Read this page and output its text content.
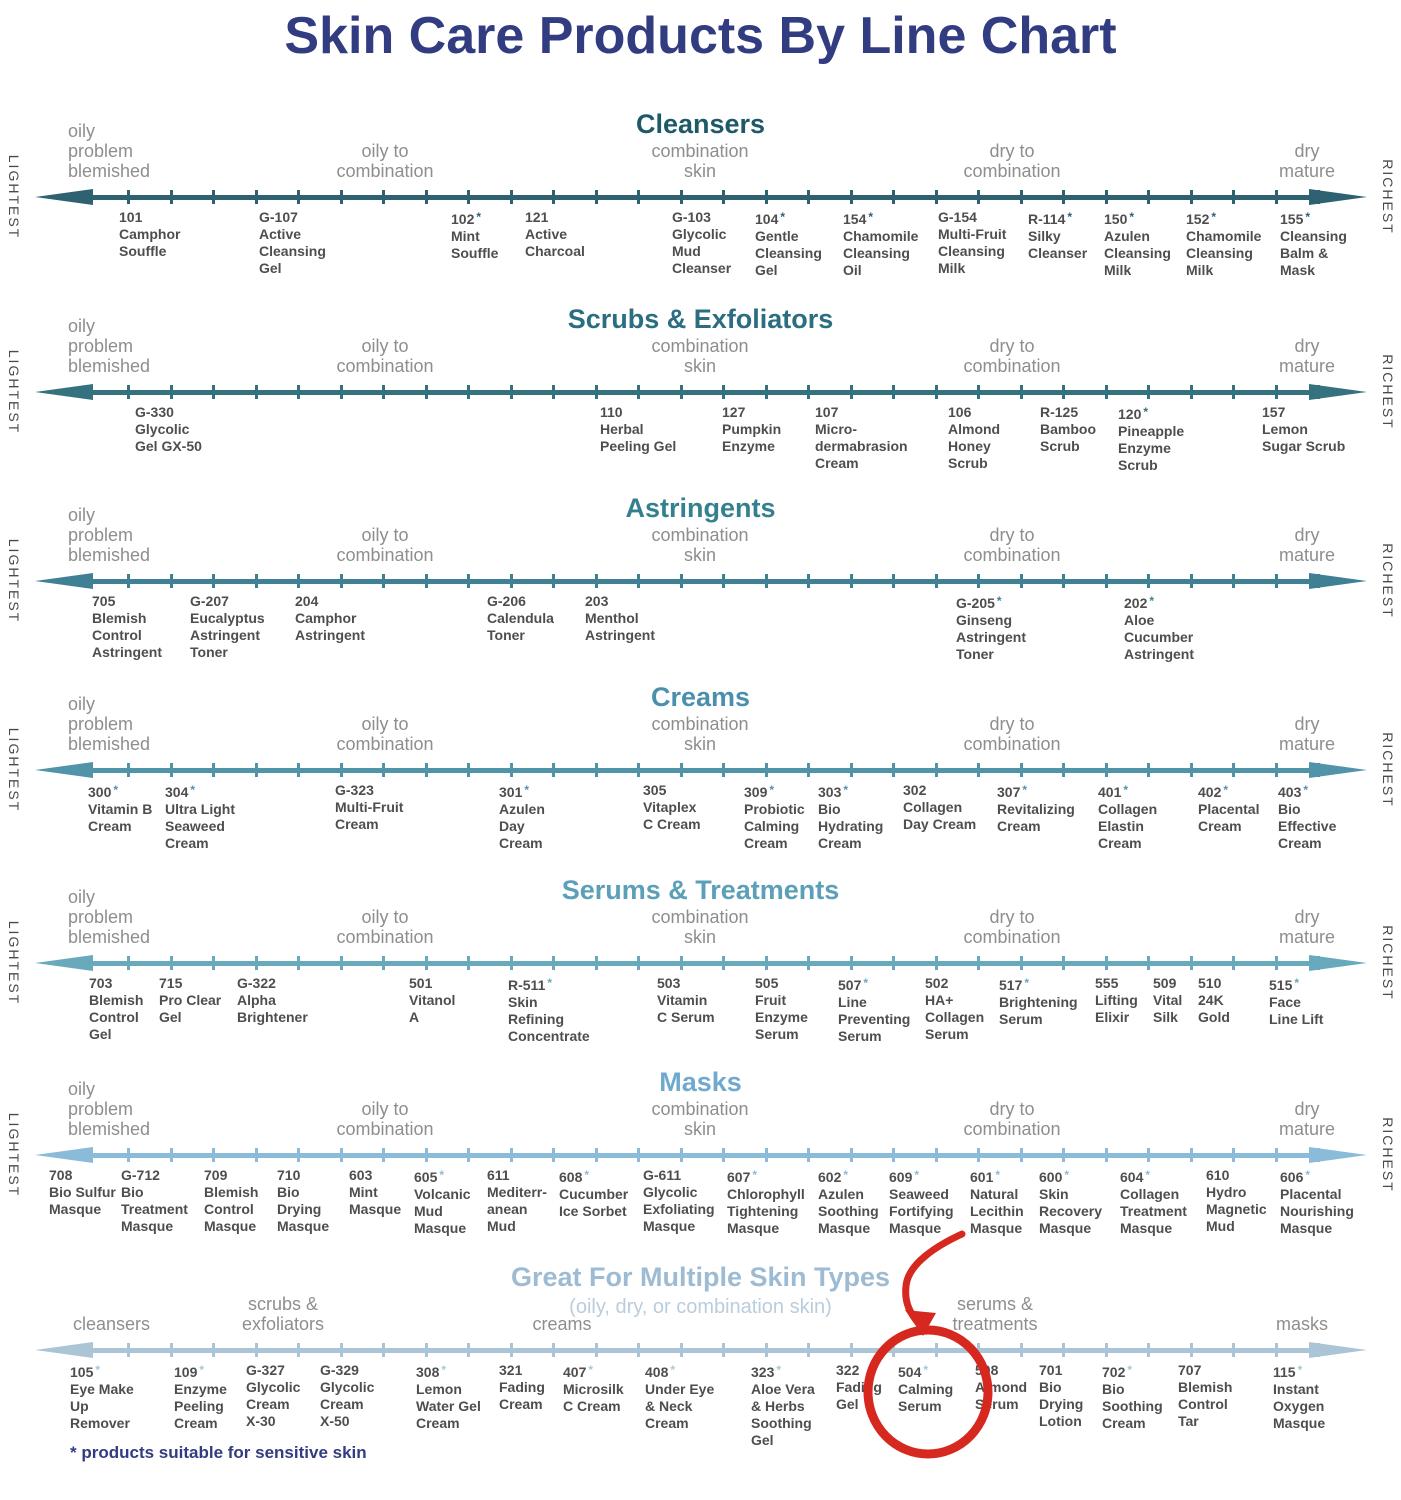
Skin Care Products By Line Chart
Cleansers
oily
problem
blemished
oily to
combination
combination
skin
dry to
combination
dry
mature
LIGHTEST	RICHEST
101
Camphor
Souffle
G-107
Active
Cleansing
Gel
102 *
Mint
Souffle
121
Active
Charcoal
G-103
Glycolic
Mud
Cleanser
104 *
Gentle
Cleansing
Gel
154 *
Chamomile
Cleansing
Oil
G-154
Multi-Fruit
Cleansing
Milk
R-114 *
Silky
Cleanser
150 *
Azulen
Cleansing
Milk
152 *
Chamomile
Cleansing
Milk
155 *
Cleansing
Balm &
Mask
Scrubs & Exfoliators
oily
problem
blemished
oily to
combination
combination
skin
dry to
combination
dry
mature
LIGHTEST	RICHEST
G-330
Glycolic
Gel GX-50
110
Herbal
Peeling Gel
127
Pumpkin
Enzyme
107
Micro-
dermabrasion
Cream
106
Almond
Honey
Scrub
R-125
Bamboo
Scrub
120 *
Pineapple
Enzyme
Scrub
157
Lemon
Sugar Scrub
Astringents
oily
problem
blemished
oily to
combination
combination
skin
dry to
combination
dry
mature
LIGHTEST	RICHEST
705
Blemish
Control
Astringent
G-207
Eucalyptus
Astringent
Toner
204
Camphor
Astringent
G-206
Calendula
Toner
203
Menthol
Astringent
G-205 *
Ginseng
Astringent
Toner
202 *
Aloe
Cucumber
Astringent
Creams
oily
problem
blemished
oily to
combination
combination
skin
dry to
combination
dry
mature
LIGHTEST	RICHEST
300 *
Vitamin B
Cream
304 *
Ultra Light
Seaweed
Cream
G-323
Multi-Fruit
Cream
301 *
Azulen
Day
Cream
305
Vitaplex
C Cream
309 *
Probiotic
Calming
Cream
303 *
Bio
Hydrating
Cream
302
Collagen
Day Cream
307 *
Revitalizing
Cream
401 *
Collagen
Elastin
Cream
402 *
Placental
Cream
403 *
Bio
Effective
Cream
Serums & Treatments
oily
problem
blemished
oily to
combination
combination
skin
dry to
combination
dry
mature
LIGHTEST	RICHEST
703
Blemish
Control
Gel
715
Pro Clear
Gel
G-322
Alpha
Brightener
501
Vitanol
A
R-511 *
Skin
Refining
Concentrate
503
Vitamin
C Serum
505
Fruit
Enzyme
Serum
507 *
Line
Preventing
Serum
502
HA+
Collagen
Serum
517 *
Brightening
Serum
555
Lifting
Elixir
509
Vital
Silk
510
24K
Gold
515 *
Face
Line Lift
Masks
oily
problem
blemished
oily to
combination
combination
skin
dry to
combination
dry
mature
LIGHTEST	RICHEST
708
Bio Sulfur
Masque
G-712
Bio
Treatment
Masque
709
Blemish
Control
Masque
710
Bio
Drying
Masque
603
Mint
Masque
605 *
Volcanic
Mud
Masque
611
Mediterr-
anean
Mud
608 *
Cucumber
Ice Sorbet
G-611
Glycolic
Exfoliating
Masque
607 *
Chlorophyll
Tightening
Masque
602 *
Azulen
Soothing
Masque
609 *
Seaweed
Fortifying
Masque
601 *
Natural
Lecithin
Masque
600 *
Skin
Recovery
Masque
604 *
Collagen
Treatment
Masque
610
Hydro
Magnetic
Mud
606 *
Placental
Nourishing
Masque
Great For Multiple Skin Types
(oily, dry, or combination skin)
cleansers
scrubs &
exfoliators	creams
serums &
treatments	masks
105 *
Eye Make
Up
Remover
109 *
Enzyme
Peeling
Cream
G-327
Glycolic
Cream
X-30
G-329
Glycolic
Cream
X-50
308 *
Lemon
Water Gel
Cream
321
Fading
Cream
407 *
Microsilk
C Cream
408 *
Under Eye
& Neck
Cream
323 *
Aloe Vera
& Herbs
Soothing
Gel
322
Fading
Gel
504 *
Calming
Serum
508
Almond
Serum
701
Bio
Drying
Lotion
702 *
Bio
Soothing
Cream
707
Blemish
Control
Tar
115 *
Instant
Oxygen
Masque
* products suitable for sensitive skin
